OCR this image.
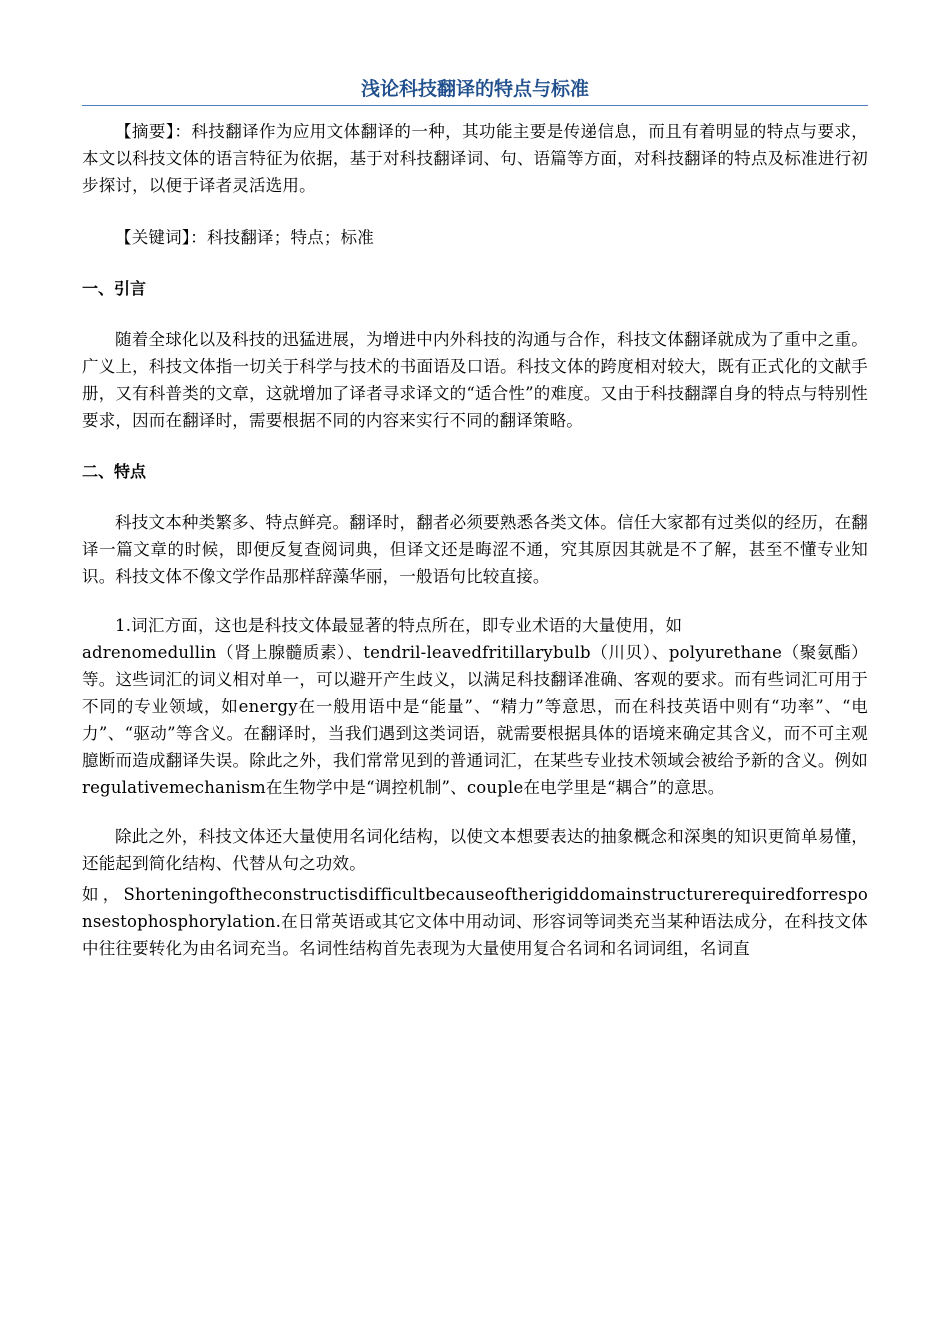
浅论科技翻译的特点与标准

【摘要】：科技翻译作为应用文体翻译的一种，其功能主要是传递信息，而且有着明显的特点与要求，本文以科技文体的语言特征为依据，基于对科技翻译词、句、语篇等方面，对科技翻译的特点及标准进行初步探讨，以便于译者灵活选用。

【关键词】：科技翻译；特点；标准

一、引言

随着全球化以及科技的迅猛进展，为增进中内外科技的沟通与合作，科技文体翻译就成为了重中之重。广义上，科技文体指一切关于科学与技术的书面语及口语。科技文体的跨度相对较大，既有正式化的文献手册，又有科普类的文章，这就增加了译者寻求译文的“适合性”的难度。又由于科技翻譯自身的特点与特别性要求，因而在翻译时，需要根据不同的内容来实行不同的翻译策略。

二、特点

科技文本种类繁多、特点鲜亮。翻译时，翻者必须要熟悉各类文体。信任大家都有过类似的经历，在翻译一篇文章的时候，即便反复查阅词典，但译文还是晦涩不通，究其原因其就是不了解，甚至不懂专业知识。科技文体不像文学作品那样辞藻华丽，一般语句比较直接。

1.词汇方面，这也是科技文体最显著的特点所在，即专业术语的大量使用，如
adrenomedullin（肾上腺髓质素）、tendril-leavedfritillarybulb（川贝）、polyurethane（聚氨酯）等。这些词汇的词义相对单一，可以避开产生歧义，以满足科技翻译准确、客观的要求。而有些词汇可用于不同的专业领域，如energy在一般用语中是“能量”、“精力”等意思，而在科技英语中则有“功率”、“电力”、“驱动”等含义。在翻译时，当我们遇到这类词语，就需要根据具体的语境来确定其含义，而不可主观臆断而造成翻译失误。除此之外，我们常常见到的普通词汇，在某些专业技术领域会被给予新的含义。例如regulativemechanism在生物学中是“调控机制”、couple在电学里是“耦合”的意思。

除此之外，科技文体还大量使用名词化结构，以使文本想要表达的抽象概念和深奥的知识更简单易懂，还能起到简化结构、代替从句之功效。

如，Shorteningoftheconstructisdifficultbecauseoftherigiddomainstructurerequiredforresponsestophosphorylation.在日常英语或其它文体中用动词、形容词等词类充当某种语法成分，在科技文体中往往要转化为由名词充当。名词性结构首先表现为大量使用复合名词和名词词组，名词直
